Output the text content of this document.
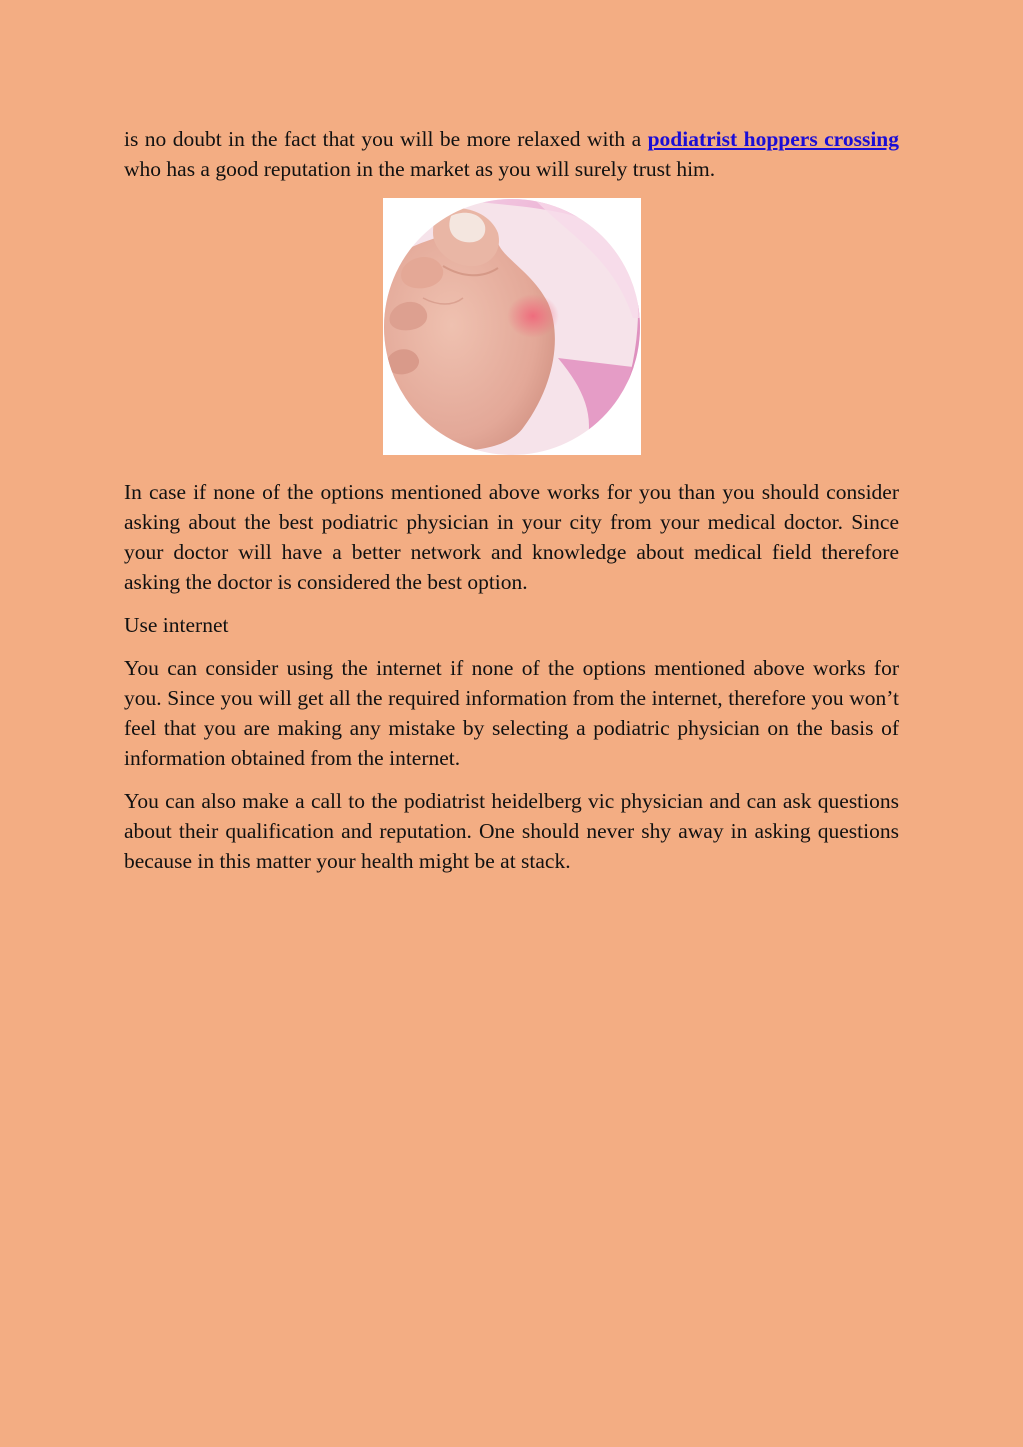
is no doubt in the fact that you will be more relaxed with a podiatrist hoppers crossing who has a good reputation in the market as you will surely trust him.

In case if none of the options mentioned above works for you than you should consider asking about the best podiatric physician in your city from your medical doctor. Since your doctor will have a better network and knowledge about medical field therefore asking the doctor is considered the best option.

Use internet

You can consider using the internet if none of the options mentioned above works for you. Since you will get all the required information from the internet, therefore you won’t feel that you are making any mistake by selecting a podiatric physician on the basis of information obtained from the internet.

You can also make a call to the podiatrist heidelberg vic physician and can ask questions about their qualification and reputation. One should never shy away in asking questions because in this matter your health might be at stack.
